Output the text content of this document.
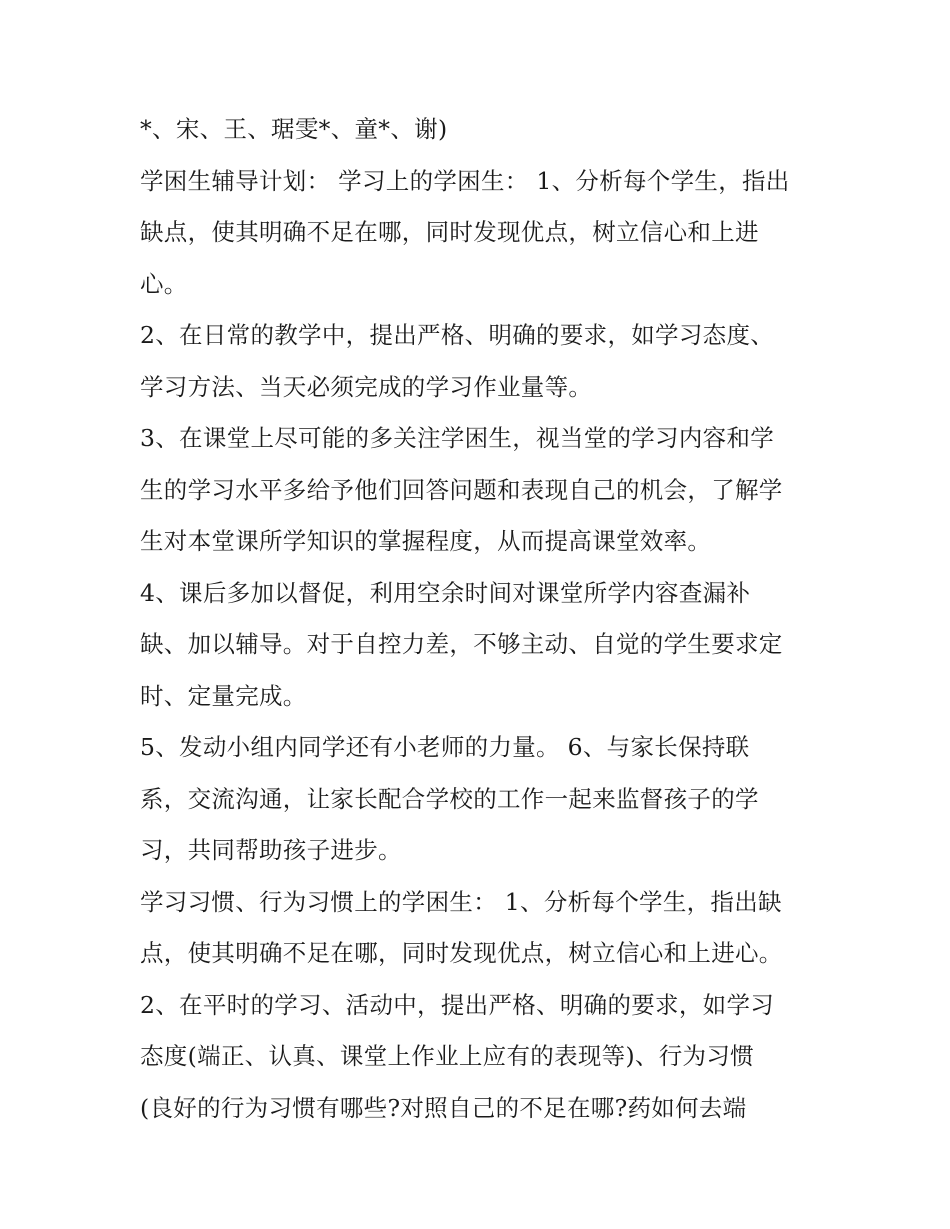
*、宋、王、琚雯*、童*、谢)
学困生辅导计划： 学习上的学困生： 1、分析每个学生，指出
缺点，使其明确不足在哪，同时发现优点，树立信心和上进
心。
2、在日常的教学中，提出严格、明确的要求，如学习态度、
学习方法、当天必须完成的学习作业量等。
3、在课堂上尽可能的多关注学困生，视当堂的学习内容和学
生的学习水平多给予他们回答问题和表现自己的机会，了解学
生对本堂课所学知识的掌握程度，从而提高课堂效率。
4、课后多加以督促，利用空余时间对课堂所学内容查漏补
缺、加以辅导。对于自控力差，不够主动、自觉的学生要求定
时、定量完成。
5、发动小组内同学还有小老师的力量。 6、与家长保持联
系，交流沟通，让家长配合学校的工作一起来监督孩子的学
习，共同帮助孩子进步。
学习习惯、行为习惯上的学困生： 1、分析每个学生，指出缺
点，使其明确不足在哪，同时发现优点，树立信心和上进心。
2、在平时的学习、活动中，提出严格、明确的要求，如学习
态度(端正、认真、课堂上作业上应有的表现等)、行为习惯
(良好的行为习惯有哪些?对照自己的不足在哪?药如何去端
